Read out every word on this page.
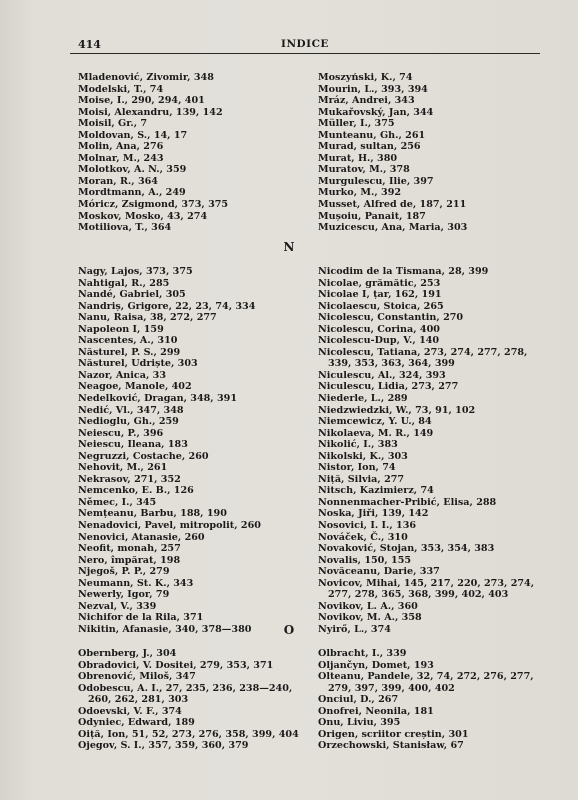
414	INDICE
Mladenović, Zivomir, 348
Modelski, T., 74
Moise, I., 290, 294, 401
Moisi, Alexandru, 139, 142
Moisil, Gr., 7
Moldovan, S., 14, 17
Molin, Ana, 276
Molnar, M., 243
Molotkov, A. N., 359
Moran, R., 364
Mordtmann, A., 249
Móricz, Zsigmond, 373, 375
Moskov, Mosko, 43, 274
Motiliova, T., 364
Moszyński, K., 74
Mourin, L., 393, 394
Mráz, Andrei, 343
Mukařovský, Jan, 344
Müller, I., 375
Munteanu, Gh., 261
Murad, sultan, 256
Murat, H., 380
Muratov, M., 378
Murgulescu, Ilie, 397
Murko, M., 392
Musset, Alfred de, 187, 211
Mușoiu, Panait, 187
Muzicescu, Ana, Maria, 303
N
Nagy, Lajos, 373, 375
Nahtigal, R., 285
Nandé, Gabriel, 305
Nandriș, Grigore, 22, 23, 74, 334
Nanu, Raisa, 38, 272, 277
Napoleon I, 159
Nascentes, A., 310
Năsturel, P. S., 299
Năsturel, Udriște, 303
Nazor, Anica, 33
Neagoe, Manole, 402
Nedelković, Dragan, 348, 391
Nedić, Vl., 347, 348
Nedioglu, Gh., 259
Neiescu, P., 396
Neiescu, Ileana, 183
Negruzzi, Costache, 260
Nehovit, M., 261
Nekrasov, 271, 352
Nemcenko, E. B., 126
Němec, I., 345
Nemțeanu, Barbu, 188, 190
Nenadovici, Pavel, mitropolit, 260
Nenovici, Atanasie, 260
Neofit, monah, 257
Nero, împărat, 198
Njegoš, P. P., 279
Neumann, St. K., 343
Newerly, Igor, 79
Nezval, V., 339
Nichifor de la Rila, 371
Nikitin, Afanasie, 340, 378—380
Nicodim de la Tismana, 28, 399
Nicolae, grămătic, 253
Nicolae I, țar, 162, 191
Nicolaescu, Stoica, 265
Nicolescu, Constantin, 270
Nicolescu, Corina, 400
Nicolescu-Dup, V., 140
Nicolescu, Tatiana, 273, 274, 277, 278, 339, 353, 363, 364, 399
Niculescu, Al., 324, 393
Niculescu, Lidia, 273, 277
Niederle, L., 289
Niedzwiedzki, W., 73, 91, 102
Niemcewicz, Y. U., 84
Nikolaeva, M. R., 149
Nikolić, I., 383
Nikolski, K., 303
Nistor, Ion, 74
Niță, Silvia, 277
Nitsch, Kazimierz, 74
Nonnenmacher-Pribić, Elisa, 288
Noska, Jiři, 139, 142
Nosovici, I. I., 136
Nováček, Č., 310
Novaković, Stojan, 353, 354, 383
Novalis, 150, 155
Novăceanu, Darie, 337
Novicov, Mihai, 145, 217, 220, 273, 274, 277, 278, 365, 368, 399, 402, 403
Novikov, L. A., 360
Novikov, M. A., 358
Nyirő, L., 374
O
Obernberg, J., 304
Obradovici, V. Dositei, 279, 353, 371
Obrenović, Miloš, 347
Odobescu, A. I., 27, 235, 236, 238—240, 260, 262, 281, 303
Odoevski, V. F., 374
Odyniec, Edward, 189
Oiță, Ion, 51, 52, 273, 276, 358, 399, 404
Ojegov, S. I., 357, 359, 360, 379
Olbracht, I., 339
Oljančyn, Domet, 193
Olteanu, Pandele, 32, 74, 272, 276, 277, 279, 397, 399, 400, 402
Onciul, D., 267
Onofrei, Neonila, 181
Onu, Liviu, 395
Origen, scriitor creștin, 301
Orzechowski, Stanisław, 67
